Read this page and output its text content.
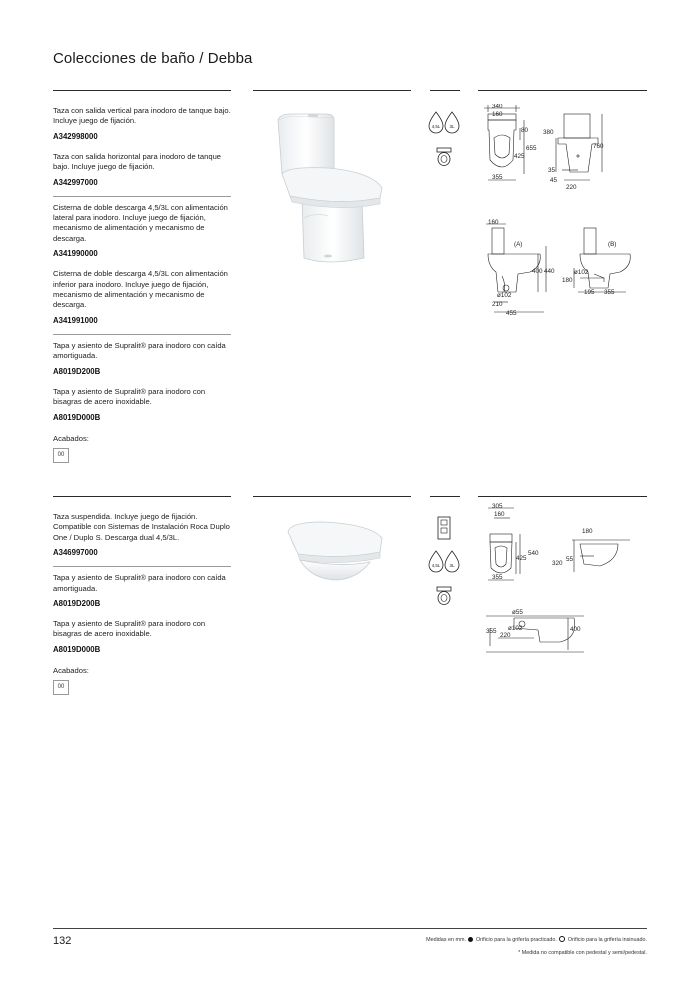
Colecciones de baño / Debba
Taza con salida vertical para inodoro de tanque bajo. Incluye juego de fijación.
A342998000
Taza con salida horizontal para inodoro de tanque bajo. Incluye juego de fijación.
A342997000
Cisterna de doble descarga 4,5/3L con alimentación lateral para inodoro. Incluye juego de fijación, mecanismo de alimentación y mecanismo de descarga.
A341990000
Cisterna de doble descarga 4,5/3L con alimentación inferior para inodoro. Incluye juego de fijación, mecanismo de alimentación y mecanismo de descarga.
A341991000
Tapa y asiento de Supralit® para inodoro con caída amortiguada.
A8019D200B
Tapa y asiento de Supralit® para inodoro con bisagras de acero inoxidable.
A8019D000B
Acabados:
00
4,5L 3L
340
160
80
655
425
355
380
760
35
45
220
160
(A)	(B)
400 440
ø102
210
455
ø102
180
195 355
Taza suspendida. Incluye juego de fijación. Compatible con Sistemas de Instalación Roca Duplo One / Duplo S. Descarga dual 4,5/3L.
A346997000
Tapa y asiento de Supralit® para inodoro con caída amortiguada.
A8019D200B
Tapa y asiento de Supralit® para inodoro con bisagras de acero inoxidable.
A8019D000B
Acabados:
00
4,5L 3L
305
160
540
425
355
180
320
55
ø55
ø102
355
220
400
132	Medidas en mm. Orificio para la grifería practicado. Orificio para la grifería insinuado.
* Medida no compatible con pedestal y semi/pedestal.
